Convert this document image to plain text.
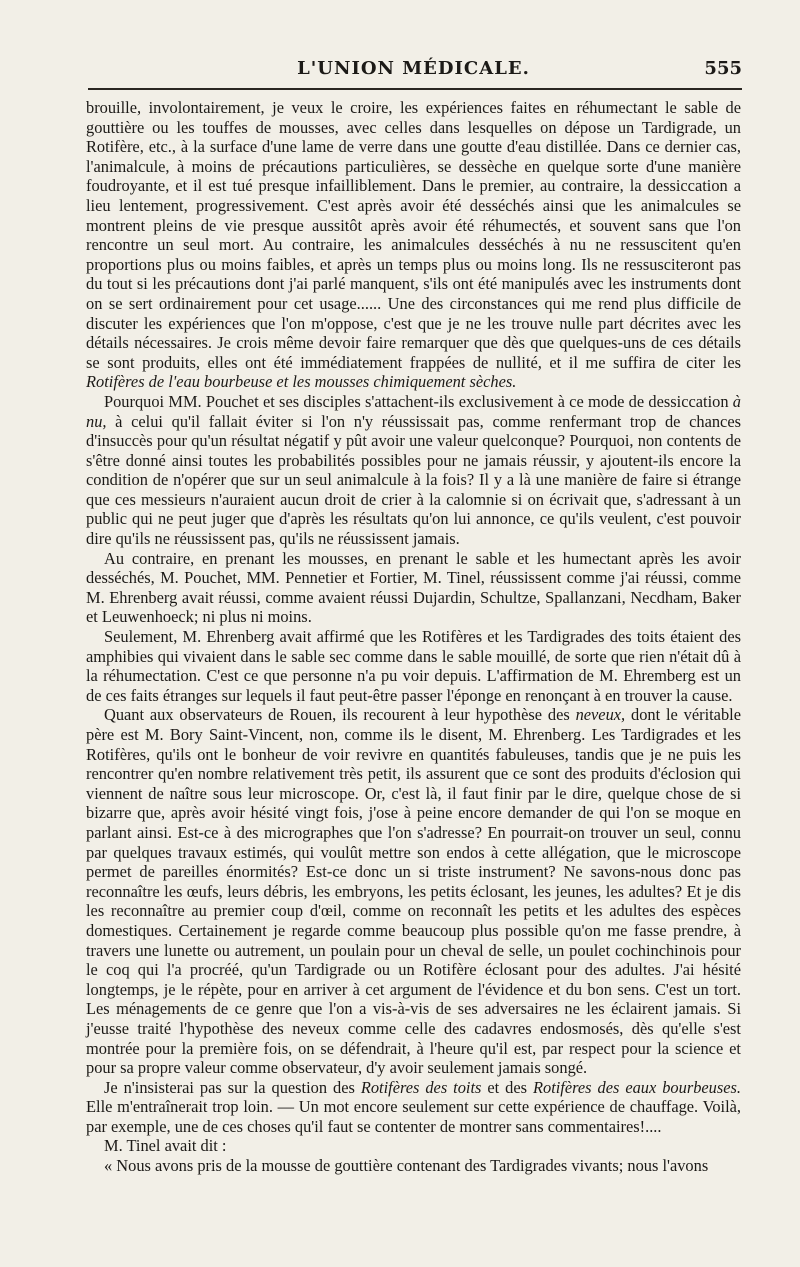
L'UNION MÉDICALE.	555

brouille, involontairement, je veux le croire, les expériences faites en réhumectant le sable de gouttière ou les touffes de mousses, avec celles dans lesquelles on dépose un Tardigrade, un Rotifère, etc., à la surface d'une lame de verre dans une goutte d'eau distillée. Dans ce dernier cas, l'animalcule, à moins de précautions particulières, se dessèche en quelque sorte d'une manière foudroyante, et il est tué presque infailliblement. Dans le premier, au contraire, la dessiccation a lieu lentement, progressivement. C'est après avoir été desséchés ainsi que les animalcules se montrent pleins de vie presque aussitôt après avoir été réhumectés, et souvent sans que l'on rencontre un seul mort. Au contraire, les animalcules desséchés à nu ne ressuscitent qu'en proportions plus ou moins faibles, et après un temps plus ou moins long. Ils ne ressusciteront pas du tout si les précautions dont j'ai parlé manquent, s'ils ont été manipulés avec les instruments dont on se sert ordinairement pour cet usage...... Une des circonstances qui me rend plus difficile de discuter les expériences que l'on m'oppose, c'est que je ne les trouve nulle part décrites avec les détails nécessaires. Je crois même devoir faire remarquer que dès que quelques-uns de ces détails se sont produits, elles ont été immédiatement frappées de nullité, et il me suffira de citer les Rotifères de l'eau bourbeuse et les mousses chimiquement sèches.

Pourquoi MM. Pouchet et ses disciples s'attachent-ils exclusivement à ce mode de dessiccation à nu, à celui qu'il fallait éviter si l'on n'y réussissait pas, comme renfermant trop de chances d'insuccès pour qu'un résultat négatif y pût avoir une valeur quelconque? Pourquoi, non contents de s'être donné ainsi toutes les probabilités possibles pour ne jamais réussir, y ajoutent-ils encore la condition de n'opérer que sur un seul animalcule à la fois? Il y a là une manière de faire si étrange que ces messieurs n'auraient aucun droit de crier à la calomnie si on écrivait que, s'adressant à un public qui ne peut juger que d'après les résultats qu'on lui annonce, ce qu'ils veulent, c'est pouvoir dire qu'ils ne réussissent pas, qu'ils ne réussissent jamais.

Au contraire, en prenant les mousses, en prenant le sable et les humectant après les avoir desséchés, M. Pouchet, MM. Pennetier et Fortier, M. Tinel, réussissent comme j'ai réussi, comme M. Ehrenberg avait réussi, comme avaient réussi Dujardin, Schultze, Spallanzani, Necdham, Baker et Leuwenhoeck; ni plus ni moins.

Seulement, M. Ehrenberg avait affirmé que les Rotifères et les Tardigrades des toits étaient des amphibies qui vivaient dans le sable sec comme dans le sable mouillé, de sorte que rien n'était dû à la réhumectation. C'est ce que personne n'a pu voir depuis. L'affirmation de M. Ehremberg est un de ces faits étranges sur lequels il faut peut-être passer l'éponge en renonçant à en trouver la cause.

Quant aux observateurs de Rouen, ils recourent à leur hypothèse des neveux, dont le véritable père est M. Bory Saint-Vincent, non, comme ils le disent, M. Ehrenberg. Les Tardigrades et les Rotifères, qu'ils ont le bonheur de voir revivre en quantités fabuleuses, tandis que je ne puis les rencontrer qu'en nombre relativement très petit, ils assurent que ce sont des produits d'éclosion qui viennent de naître sous leur microscope. Or, c'est là, il faut finir par le dire, quelque chose de si bizarre que, après avoir hésité vingt fois, j'ose à peine encore demander de qui l'on se moque en parlant ainsi. Est-ce à des micrographes que l'on s'adresse? En pourrait-on trouver un seul, connu par quelques travaux estimés, qui voulût mettre son endos à cette allégation, que le microscope permet de pareilles énormités? Est-ce donc un si triste instrument? Ne savons-nous donc pas reconnaître les œufs, leurs débris, les embryons, les petits éclosant, les jeunes, les adultes? Et je dis les reconnaître au premier coup d'œil, comme on reconnaît les petits et les adultes des espèces domestiques. Certainement je regarde comme beaucoup plus possible qu'on me fasse prendre, à travers une lunette ou autrement, un poulain pour un cheval de selle, un poulet cochinchinois pour le coq qui l'a procréé, qu'un Tardigrade ou un Rotifère éclosant pour des adultes. J'ai hésité longtemps, je le répète, pour en arriver à cet argument de l'évidence et du bon sens. C'est un tort. Les ménagements de ce genre que l'on a vis-à-vis de ses adversaires ne les éclairent jamais. Si j'eusse traité l'hypothèse des neveux comme celle des cadavres endosmosés, dès qu'elle s'est montrée pour la première fois, on se défendrait, à l'heure qu'il est, par respect pour la science et pour sa propre valeur comme observateur, d'y avoir seulement jamais songé.

Je n'insisterai pas sur la question des Rotifères des toits et des Rotifères des eaux bourbeuses. Elle m'entraînerait trop loin. — Un mot encore seulement sur cette expérience de chauffage. Voilà, par exemple, une de ces choses qu'il faut se contenter de montrer sans commentaires!....

M. Tinel avait dit :

« Nous avons pris de la mousse de gouttière contenant des Tardigrades vivants; nous l'avons
